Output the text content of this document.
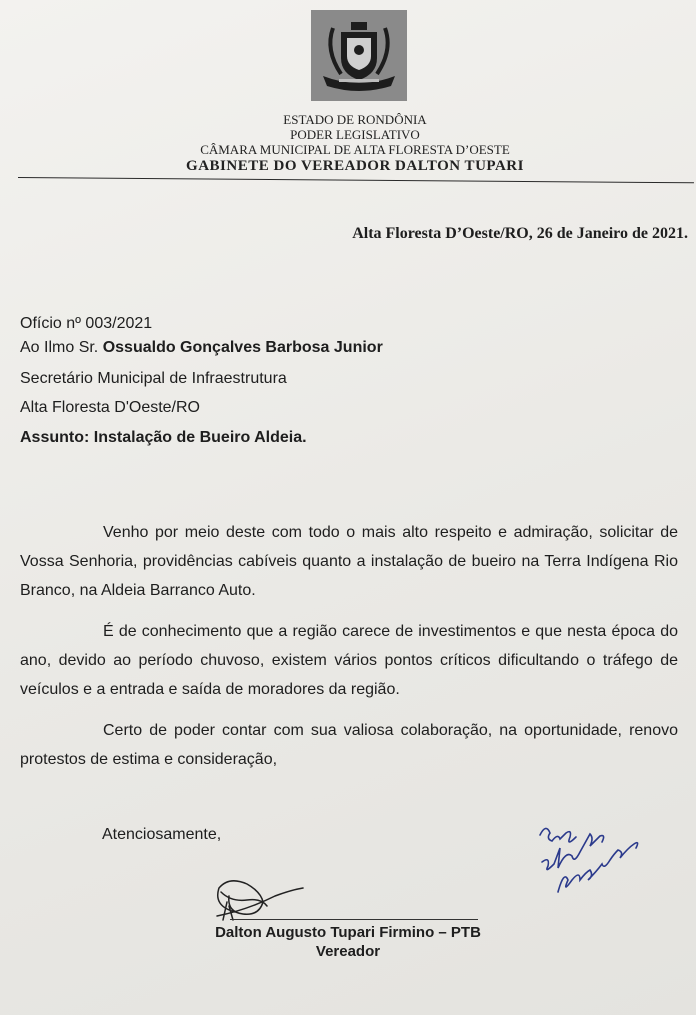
ESTADO DE RONDÔNIA
PODER LEGISLATIVO
CÂMARA MUNICIPAL DE ALTA FLORESTA D’OESTE
GABINETE DO VEREADOR DALTON TUPARI
Alta Floresta D’Oeste/RO, 26 de Janeiro de 2021.
Ofício nº 003/2021
Ao Ilmo Sr. Ossualdo Gonçalves Barbosa Junior
Secretário Municipal de Infraestrutura
Alta Floresta D'Oeste/RO
Assunto: Instalação de Bueiro Aldeia.

Venho por meio deste com todo o mais alto respeito e admiração, solicitar de Vossa Senhoria, providências cabíveis quanto a instalação de bueiro na Terra Indígena Rio Branco, na Aldeia Barranco Auto.

É de conhecimento que a região carece de investimentos e que nesta época do ano, devido ao período chuvoso, existem vários pontos críticos dificultando o tráfego de veículos e a entrada e saída de moradores da região.

Certo de poder contar com sua valiosa colaboração, na oportunidade, renovo protestos de estima e consideração,

Atenciosamente,
Dalton Augusto Tupari Firmino – PTB
Vereador
